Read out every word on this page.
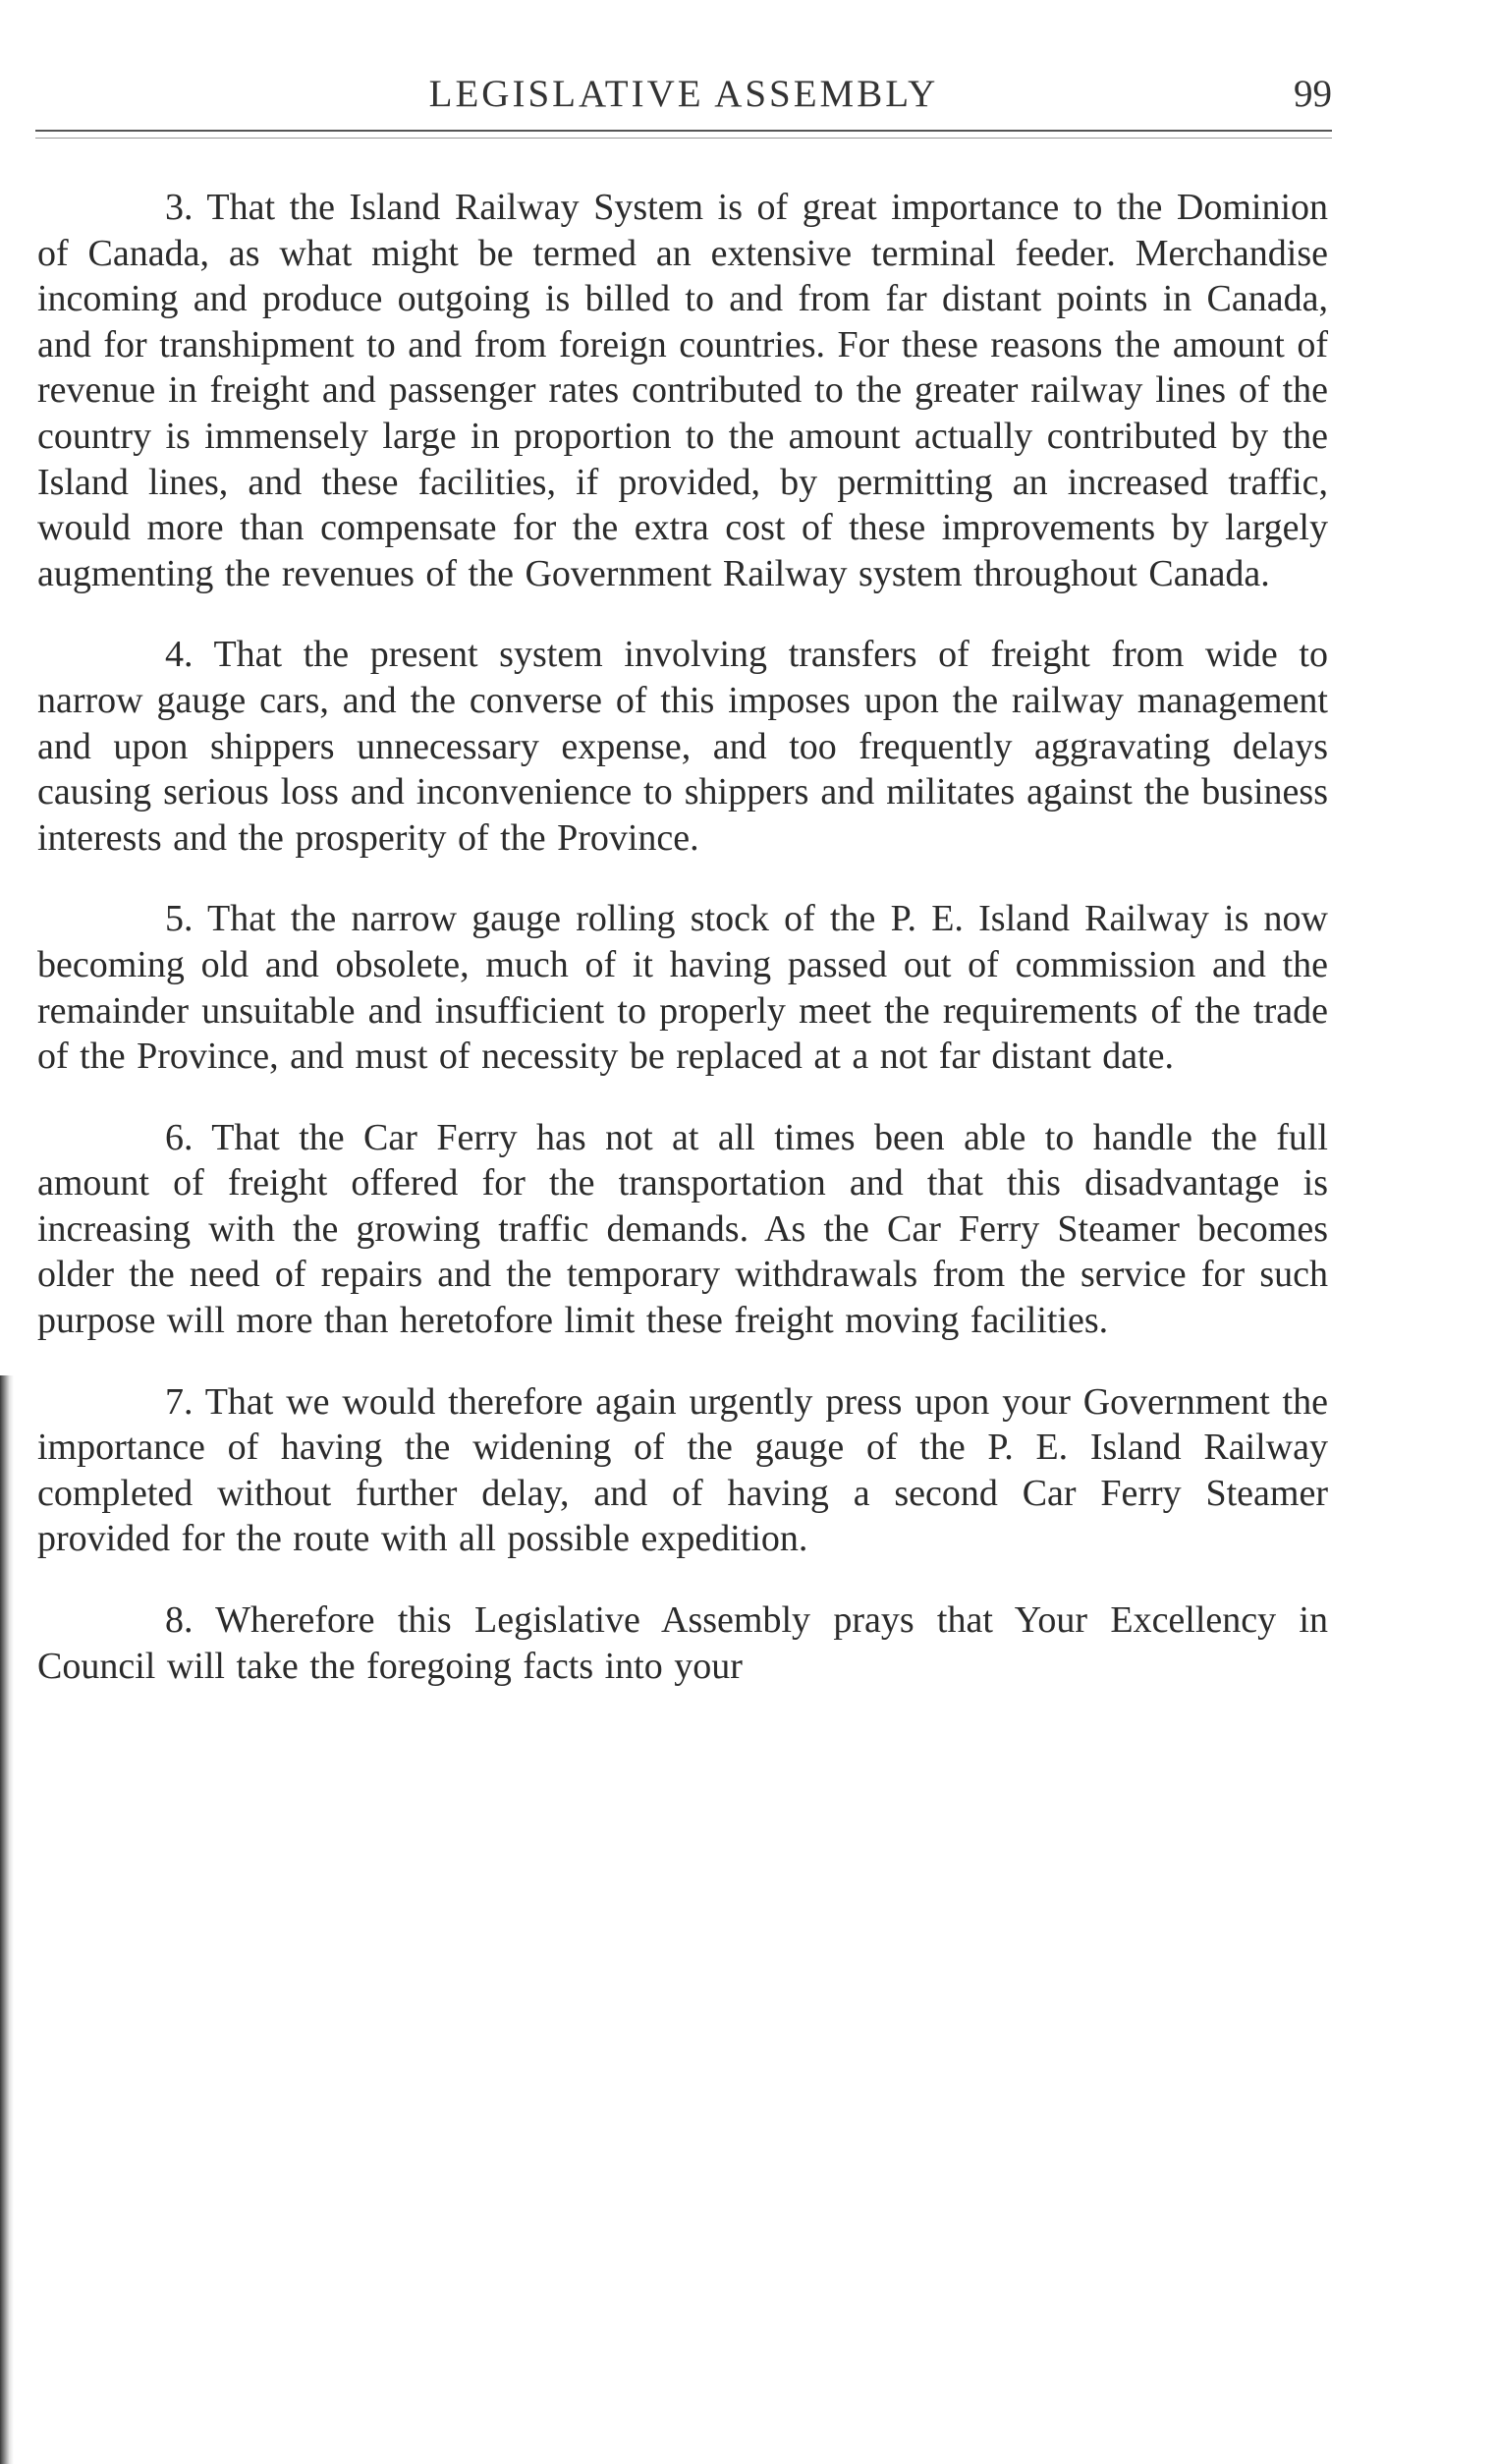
LEGISLATIVE ASSEMBLY	99

3. That the Island Railway System is of great importance to the Dominion of Canada, as what might be termed an extensive terminal feeder. Merchandise incoming and produce outgoing is billed to and from far distant points in Canada, and for transhipment to and from foreign countries. For these reasons the amount of revenue in freight and passenger rates contributed to the greater railway lines of the country is immensely large in proportion to the amount actually contributed by the Island lines, and these facilities, if provided, by permitting an increased traffic, would more than compensate for the extra cost of these improvements by largely augmenting the revenues of the Government Railway system throughout Canada.

4. That the present system involving transfers of freight from wide to narrow gauge cars, and the converse of this imposes upon the railway management and upon shippers unnecessary expense, and too frequently aggravating delays causing serious loss and inconvenience to shippers and militates against the business interests and the prosperity of the Province.

5. That the narrow gauge rolling stock of the P. E. Island Railway is now becoming old and obsolete, much of it having passed out of commission and the remainder unsuitable and insufficient to properly meet the requirements of the trade of the Province, and must of necessity be replaced at a not far distant date.

6. That the Car Ferry has not at all times been able to handle the full amount of freight offered for the transportation and that this disadvantage is increasing with the growing traffic demands. As the Car Ferry Steamer becomes older the need of repairs and the temporary withdrawals from the service for such purpose will more than heretofore limit these freight moving facilities.

7. That we would therefore again urgently press upon your Government the importance of having the widening of the gauge of the P. E. Island Railway completed without further delay, and of having a second Car Ferry Steamer provided for the route with all possible expedition.

8. Wherefore this Legislative Assembly prays that Your Excellency in Council will take the foregoing facts into your
